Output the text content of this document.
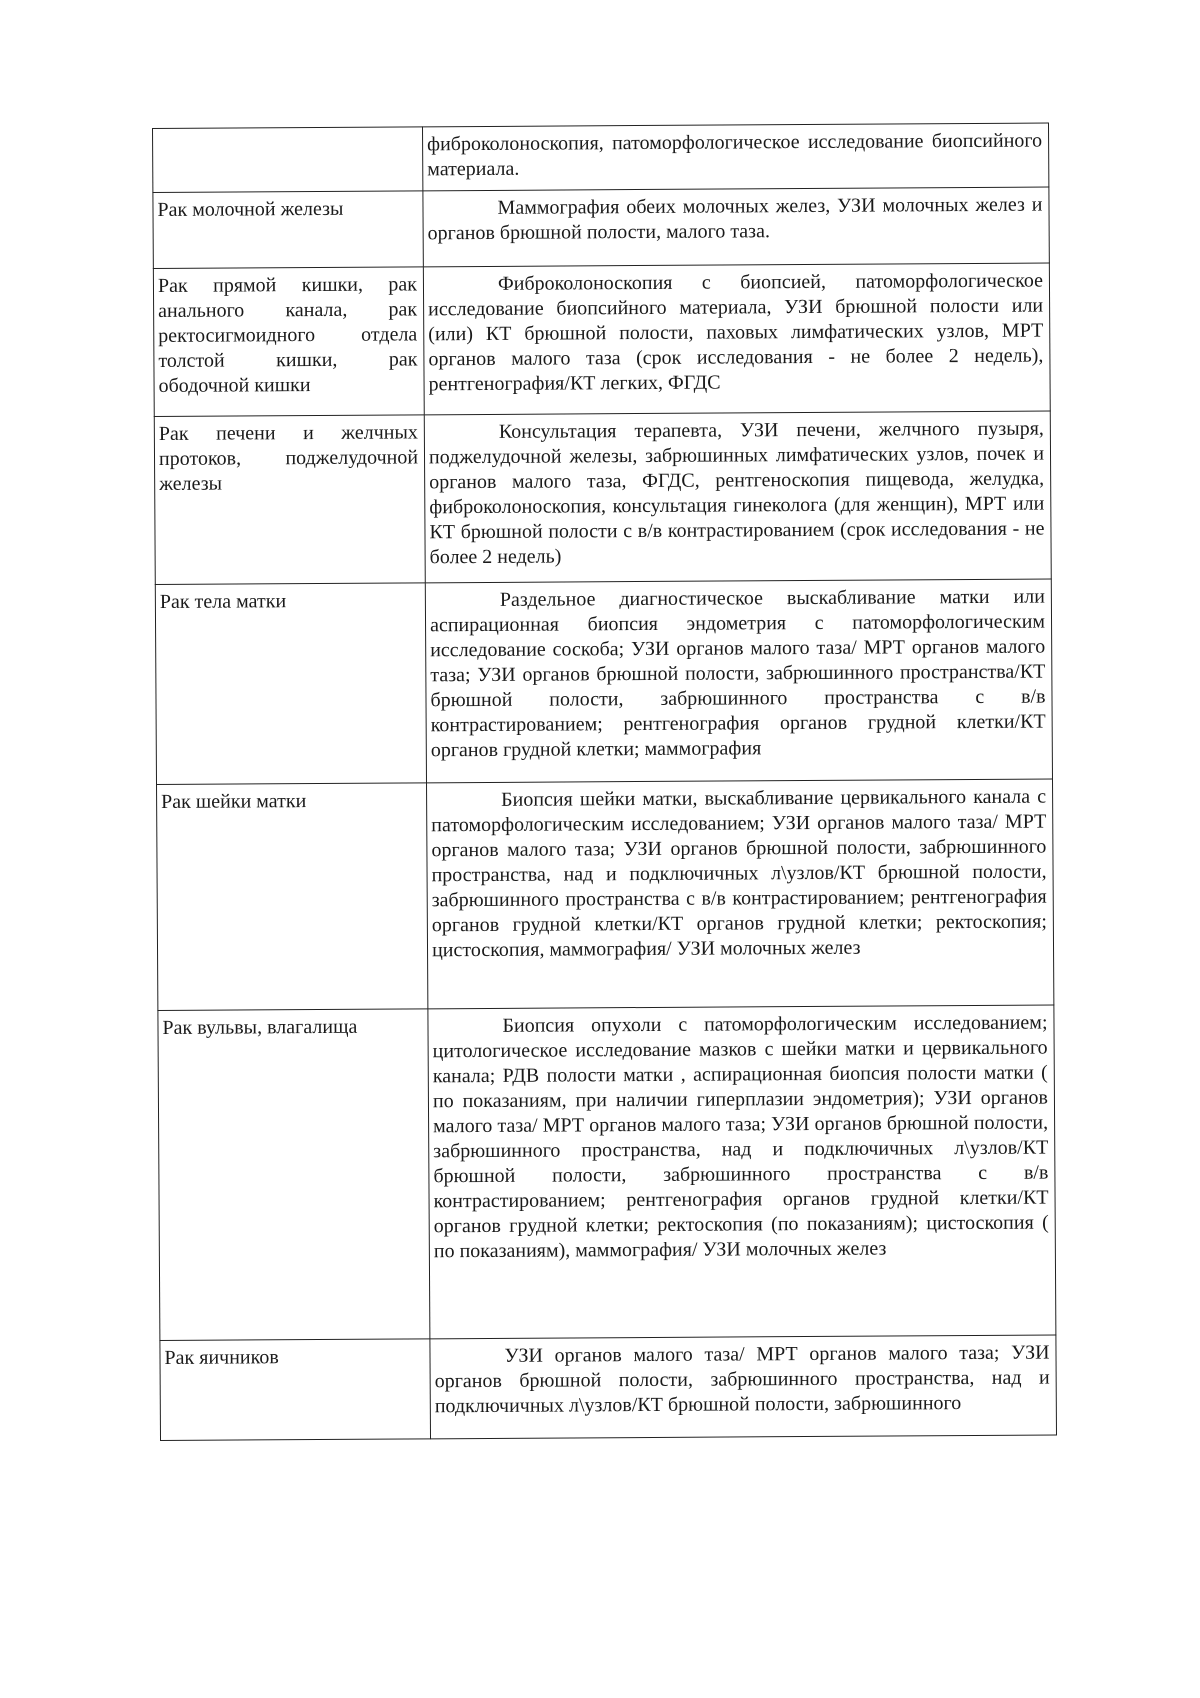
	фиброколоноскопия, патоморфологическое исследование биопсийного материала.
Рак молочной железы	Маммография обеих молочных желез, УЗИ молочных желез и органов брюшной полости, малого таза.
Рак прямой кишки, рак анального канала, рак ректосигмоидного отдела толстой кишки, рак ободочной кишки	Фиброколоноскопия с биопсией, патоморфологическое исследование биопсийного материала, УЗИ брюшной полости или (или) КТ брюшной полости, паховых лимфатических узлов, МРТ органов малого таза (срок исследования - не более 2 недель), рентгенография/КТ легких, ФГДС
Рак печени и желчных протоков, поджелудочной железы	Консультация терапевта, УЗИ печени, желчного пузыря, поджелудочной железы, забрюшинных лимфатических узлов, почек и органов малого таза, ФГДС, рентгеноскопия пищевода, желудка, фиброколоноскопия, консультация гинеколога (для женщин), МРТ или КТ брюшной полости с в/в контрастированием (срок исследования - не более 2 недель)
Рак тела матки	Раздельное диагностическое выскабливание матки или аспирационная биопсия эндометрия с патоморфологическим исследование соскоба; УЗИ органов малого таза/ МРТ органов малого таза; УЗИ органов брюшной полости, забрюшинного пространства/КТ брюшной полости, забрюшинного пространства с в/в контрастированием; рентгенография органов грудной клетки/КТ органов грудной клетки; маммография
Рак шейки матки	Биопсия шейки матки, выскабливание цервикального канала с патоморфологическим исследованием; УЗИ органов малого таза/ МРТ органов малого таза; УЗИ органов брюшной полости, забрюшинного пространства, над и подключичных л\узлов/КТ брюшной полости, забрюшинного пространства с в/в контрастированием; рентгенография органов грудной клетки/КТ органов грудной клетки; ректоскопия; цистоскопия, маммография/ УЗИ молочных желез
Рак вульвы, влагалища	Биопсия опухоли с патоморфологическим исследованием; цитологическое исследование мазков с шейки матки и цервикального канала; РДВ полости матки , аспирационная биопсия полости матки ( по показаниям, при наличии гиперплазии эндометрия); УЗИ органов малого таза/ МРТ органов малого таза; УЗИ органов брюшной полости, забрюшинного пространства, над и подключичных л\узлов/КТ брюшной полости, забрюшинного пространства с в/в контрастированием; рентгенография органов грудной клетки/КТ органов грудной клетки; ректоскопия (по показаниям); цистоскопия ( по показаниям), маммография/ УЗИ молочных желез
Рак яичников	УЗИ органов малого таза/ МРТ органов малого таза; УЗИ органов брюшной полости, забрюшинного пространства, над и подключичных л\узлов/КТ брюшной полости, забрюшинного
